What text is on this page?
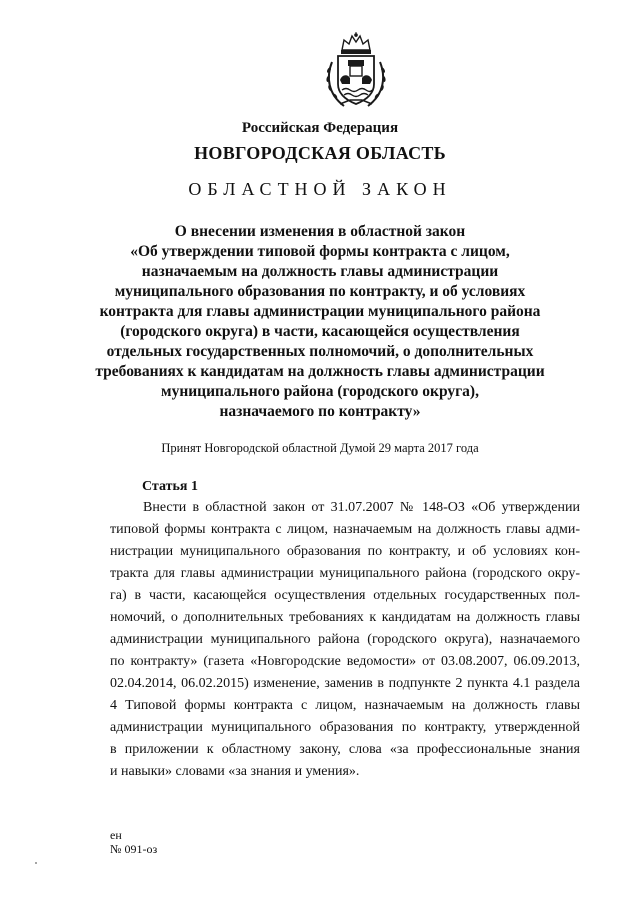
Российская Федерация
НОВГОРОДСКАЯ ОБЛАСТЬ
ОБЛАСТНОЙ ЗАКОН
О внесении изменения в областной закон
«Об утверждении типовой формы контракта с лицом,
назначаемым на должность главы администрации
муниципального образования по контракту, и об условиях
контракта для главы администрации муниципального района
(городского округа) в части, касающейся осуществления
отдельных государственных полномочий, о дополнительных
требованиях к кандидатам на должность главы администрации
муниципального района (городского округа),
назначаемого по контракту»
Принят Новгородской областной Думой 29 марта 2017 года
Статья 1

Внести в областной закон от 31.07.2007 № 148-ОЗ «Об утверждении
типовой формы контракта с лицом, назначаемым на должность главы адми-
нистрации муниципального образования по контракту, и об условиях кон-
тракта для главы администрации муниципального района (городского окру-
га) в части, касающейся осуществления отдельных государственных пол-
номочий, о дополнительных требованиях к кандидатам на должность главы
администрации муниципального района (городского округа), назначаемого
по контракту» (газета «Новгородские ведомости» от 03.08.2007, 06.09.2013,
02.04.2014, 06.02.2015) изменение, заменив в подпункте 2 пункта 4.1 раздела
4 Типовой формы контракта с лицом, назначаемым на должность главы
администрации муниципального образования по контракту, утвержденной
в приложении к областному закону, слова «за профессиональные знания
и навыки» словами «за знания и умения».

ен
№ 091-оз
